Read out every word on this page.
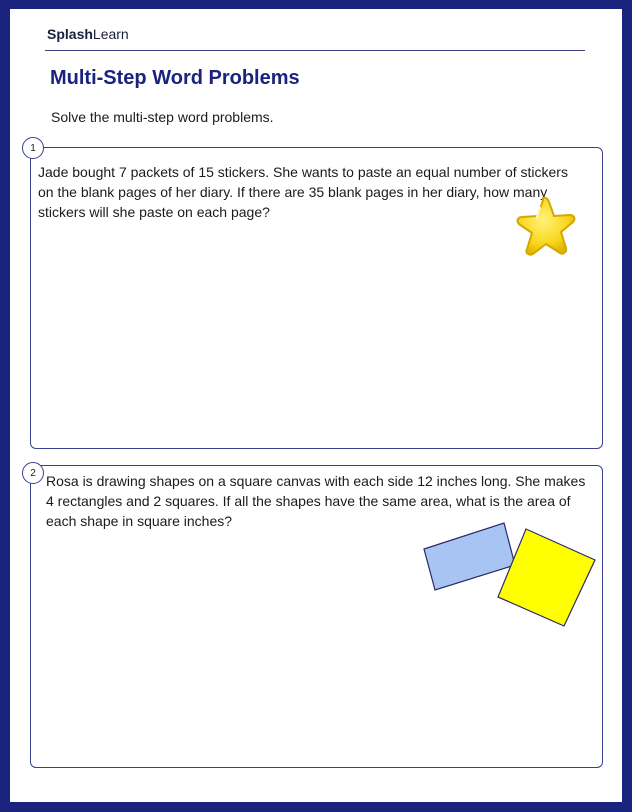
SplashLearn
Multi-Step Word Problems

Solve the multi-step word problems.

1

Jade bought 7 packets of 15 stickers. She wants to paste an equal number of stickers on the blank pages of her diary. If there are 35 blank pages in her diary, how many stickers will she paste on each page?

2 Rosa is drawing shapes on a square canvas with each side 12 inches long. She makes 4 rectangles and 2 squares. If all the shapes have the same area, what is the area of each shape in square inches?
